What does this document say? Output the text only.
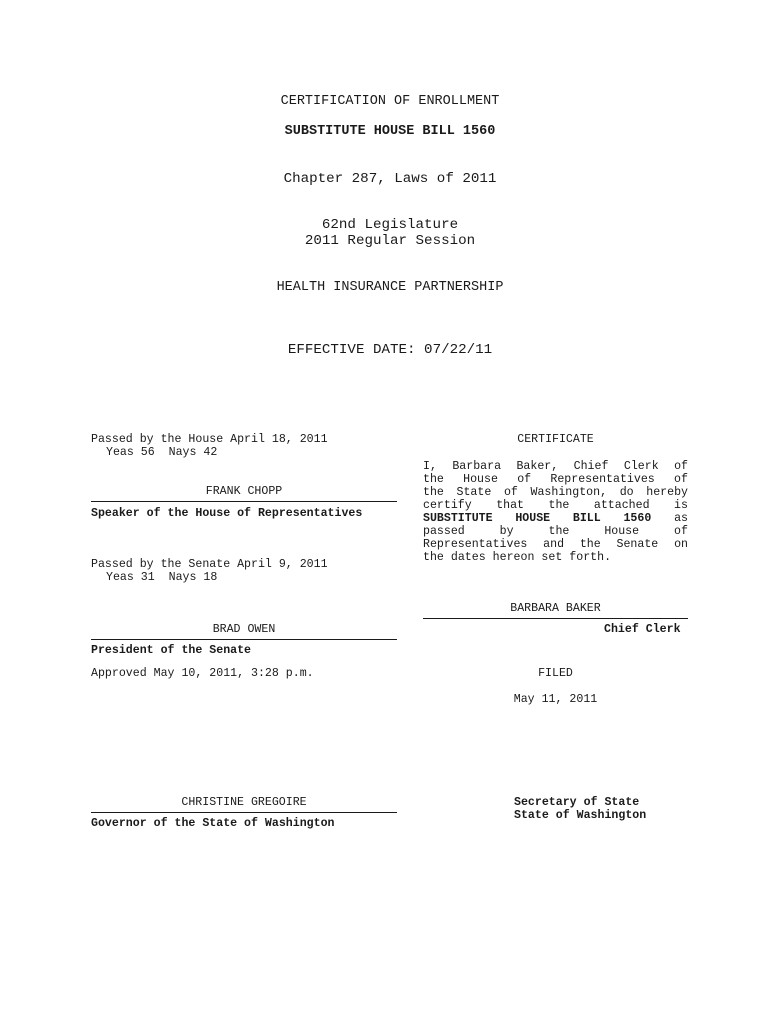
CERTIFICATION OF ENROLLMENT
SUBSTITUTE HOUSE BILL 1560
Chapter 287, Laws of 2011
62nd Legislature
2011 Regular Session
HEALTH INSURANCE PARTNERSHIP
EFFECTIVE DATE: 07/22/11
Passed by the House April 18, 2011
Yeas 56  Nays 42
FRANK CHOPP
Speaker of the House of Representatives
Passed by the Senate April 9, 2011
Yeas 31  Nays 18
BRAD OWEN
President of the Senate
Approved May 10, 2011, 3:28 p.m.
CHRISTINE GREGOIRE
Governor of the State of Washington
CERTIFICATE
I, Barbara Baker, Chief Clerk of
the House of Representatives of
the State of Washington, do hereby
certify that the attached is
SUBSTITUTE HOUSE BILL 1560 as
passed	by	the	House	of
Representatives and the Senate on
the dates hereon set forth.
BARBARA BAKER
Chief Clerk
FILED
May 11, 2011
Secretary of State
State of Washington
